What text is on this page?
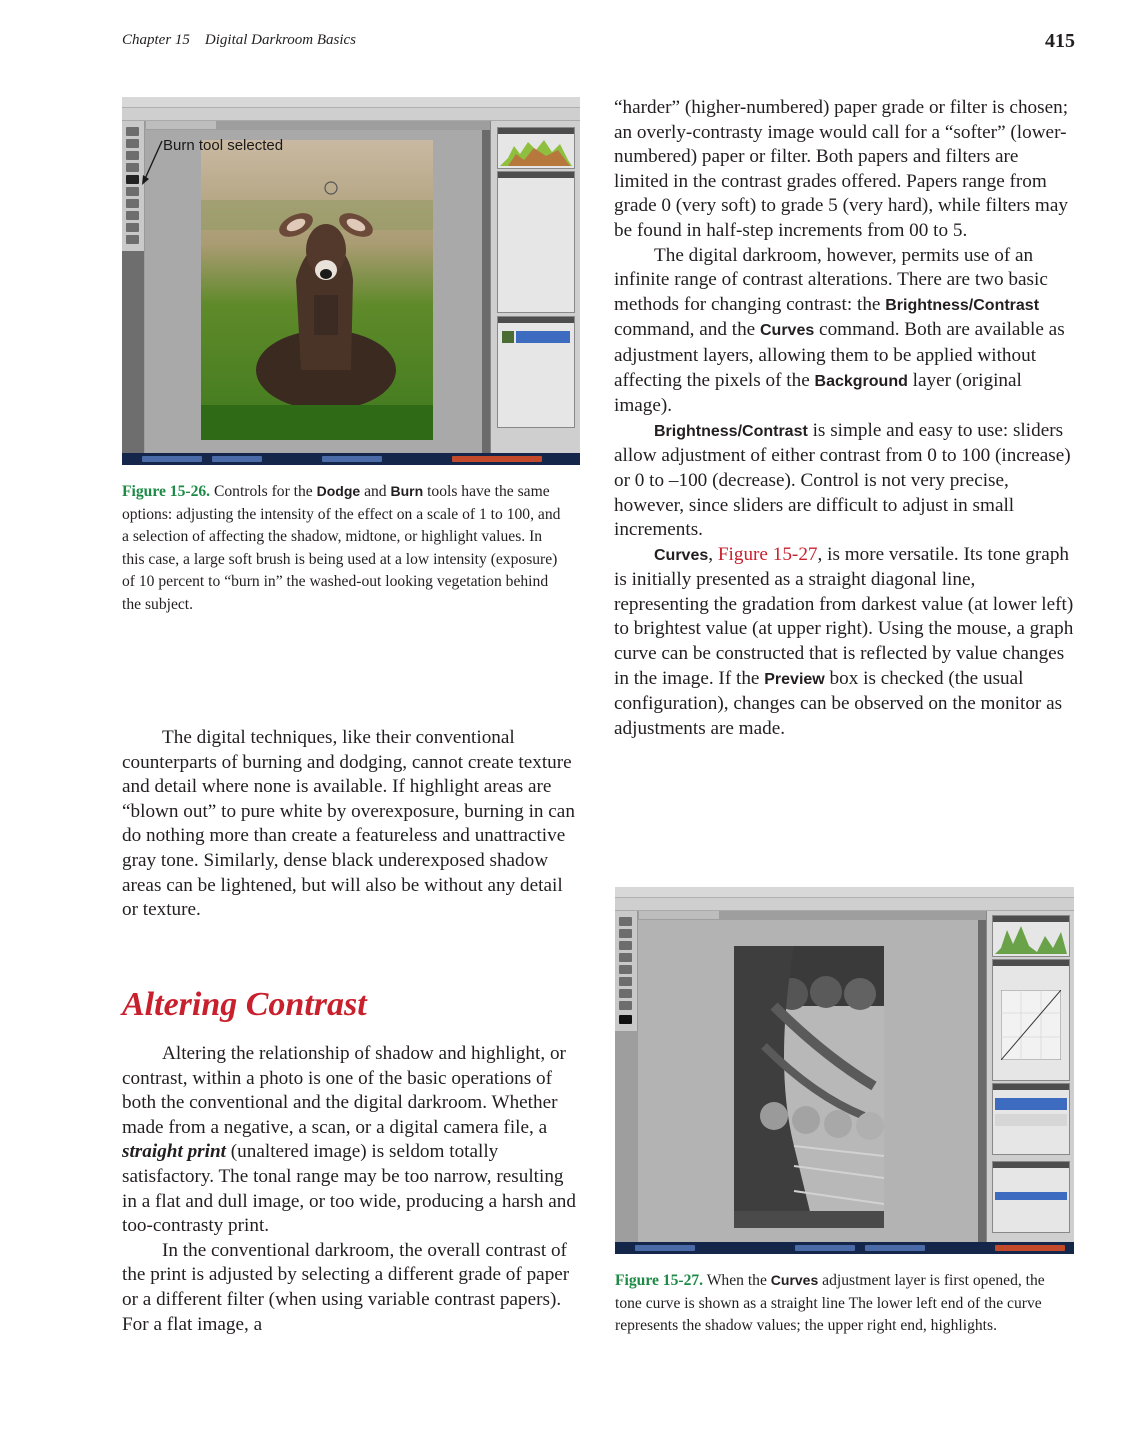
Chapter 15    Digital Darkroom Basics	415
Burn tool selected
Figure 15-26. Controls for the Dodge and Burn tools have the same options: adjusting the intensity of the effect on a scale of 1 to 100, and a selection of affecting the shadow, midtone, or highlight values. In this case, a large soft brush is being used at a low intensity (exposure) of 10 percent to “burn in” the washed-out looking vegetation behind the subject.

The digital techniques, like their conventional counterparts of burning and dodging, cannot create texture and detail where none is available. If highlight areas are “blown out” to pure white by overexposure, burning in can do nothing more than create a featureless and unattractive gray tone. Similarly, dense black underexposed shadow areas can be lightened, but will also be without any detail or texture.

Altering Contrast

Altering the relationship of shadow and highlight, or contrast, within a photo is one of the basic operations of both the conventional and the digital darkroom. Whether made from a negative, a scan, or a digital camera file, a straight print (unaltered image) is seldom totally satisfactory. The tonal range may be too narrow, resulting in a flat and dull image, or too wide, producing a harsh and too-contrasty print.

In the conventional darkroom, the overall contrast of the print is adjusted by selecting a different grade of paper or a different filter (when using variable contrast papers). For a flat image, a

“harder” (higher-numbered) paper grade or filter is chosen; an overly-contrasty image would call for a “softer” (lower-numbered) paper or filter. Both papers and filters are limited in the contrast grades offered. Papers range from grade 0 (very soft) to grade 5 (very hard), while filters may be found in half-step increments from 00 to 5.

The digital darkroom, however, permits use of an infinite range of contrast alterations. There are two basic methods for changing contrast: the Brightness/Contrast command, and the Curves command. Both are available as adjustment layers, allowing them to be applied without affecting the pixels of the Background layer (original image).

Brightness/Contrast is simple and easy to use: sliders allow adjustment of either contrast from 0 to 100 (increase) or 0 to –100 (decrease). Control is not very precise, however, since sliders are difficult to adjust in small increments.

Curves, Figure 15-27, is more versatile. Its tone graph is initially presented as a straight diagonal line, representing the gradation from darkest value (at lower left) to brightest value (at upper right). Using the mouse, a graph curve can be constructed that is reflected by value changes in the image. If the Preview box is checked (the usual configuration), changes can be observed on the monitor as adjustments are made.

Figure 15-27. When the Curves adjustment layer is first opened, the tone curve is shown as a straight line The lower left end of the curve represents the shadow values; the upper right end, highlights.
